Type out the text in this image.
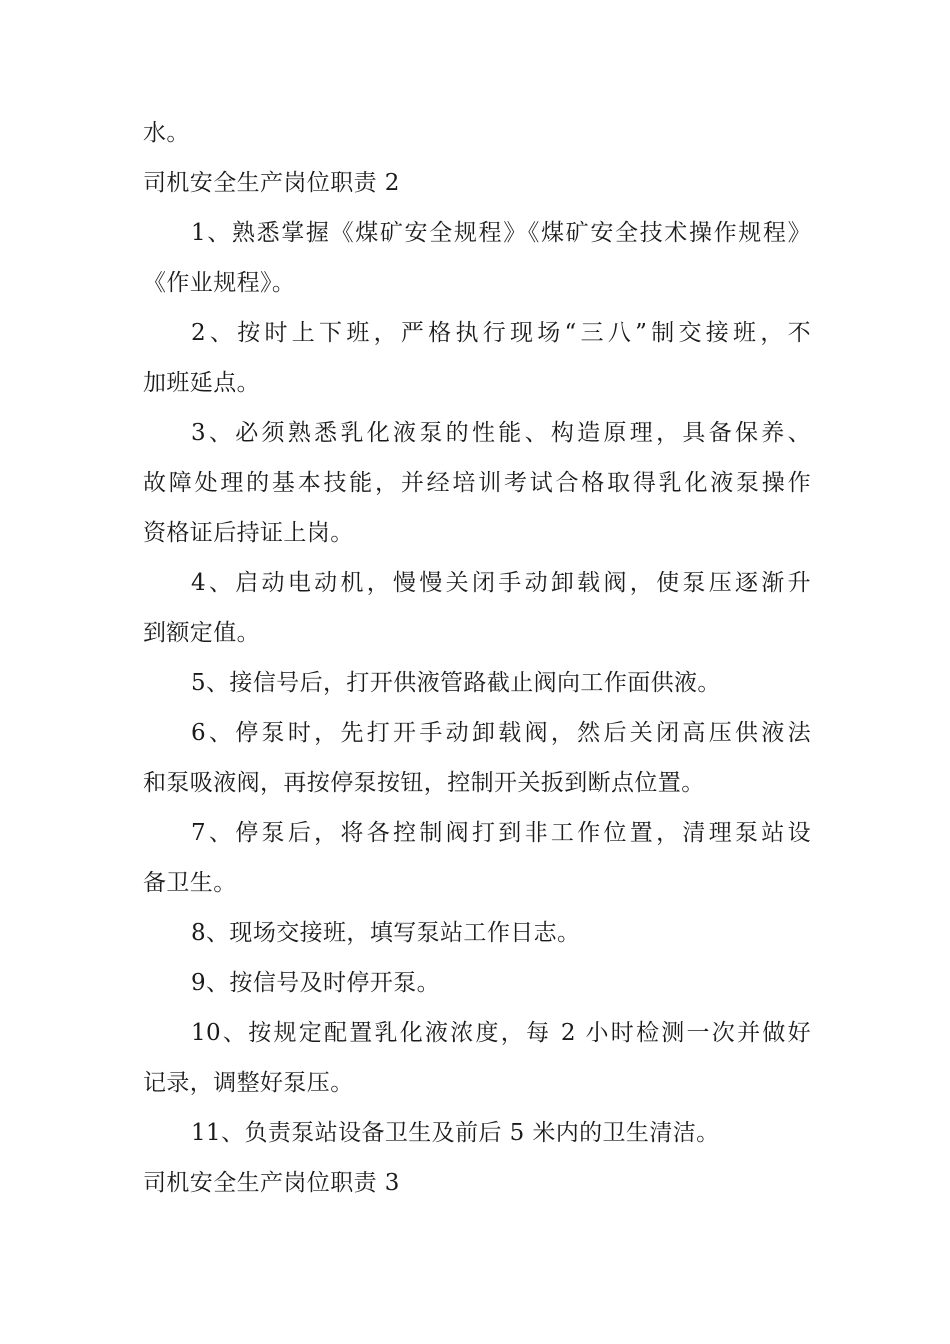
水。
司机安全生产岗位职责 2
1、熟悉掌握《煤矿安全规程》《煤矿安全技术操作规程》
《作业规程》。
2、按时上下班，严格执行现场“三八”制交接班，不
加班延点。
3、必须熟悉乳化液泵的性能、构造原理，具备保养、
故障处理的基本技能，并经培训考试合格取得乳化液泵操作
资格证后持证上岗。
4、启动电动机，慢慢关闭手动卸载阀，使泵压逐渐升
到额定值。
5、接信号后，打开供液管路截止阀向工作面供液。
6、停泵时，先打开手动卸载阀，然后关闭高压供液法
和泵吸液阀，再按停泵按钮，控制开关扳到断点位置。
7、停泵后，将各控制阀打到非工作位置，清理泵站设
备卫生。
8、现场交接班，填写泵站工作日志。
9、按信号及时停开泵。
10、按规定配置乳化液浓度，每 2 小时检测一次并做好
记录，调整好泵压。
11、负责泵站设备卫生及前后 5 米内的卫生清洁。
司机安全生产岗位职责 3
